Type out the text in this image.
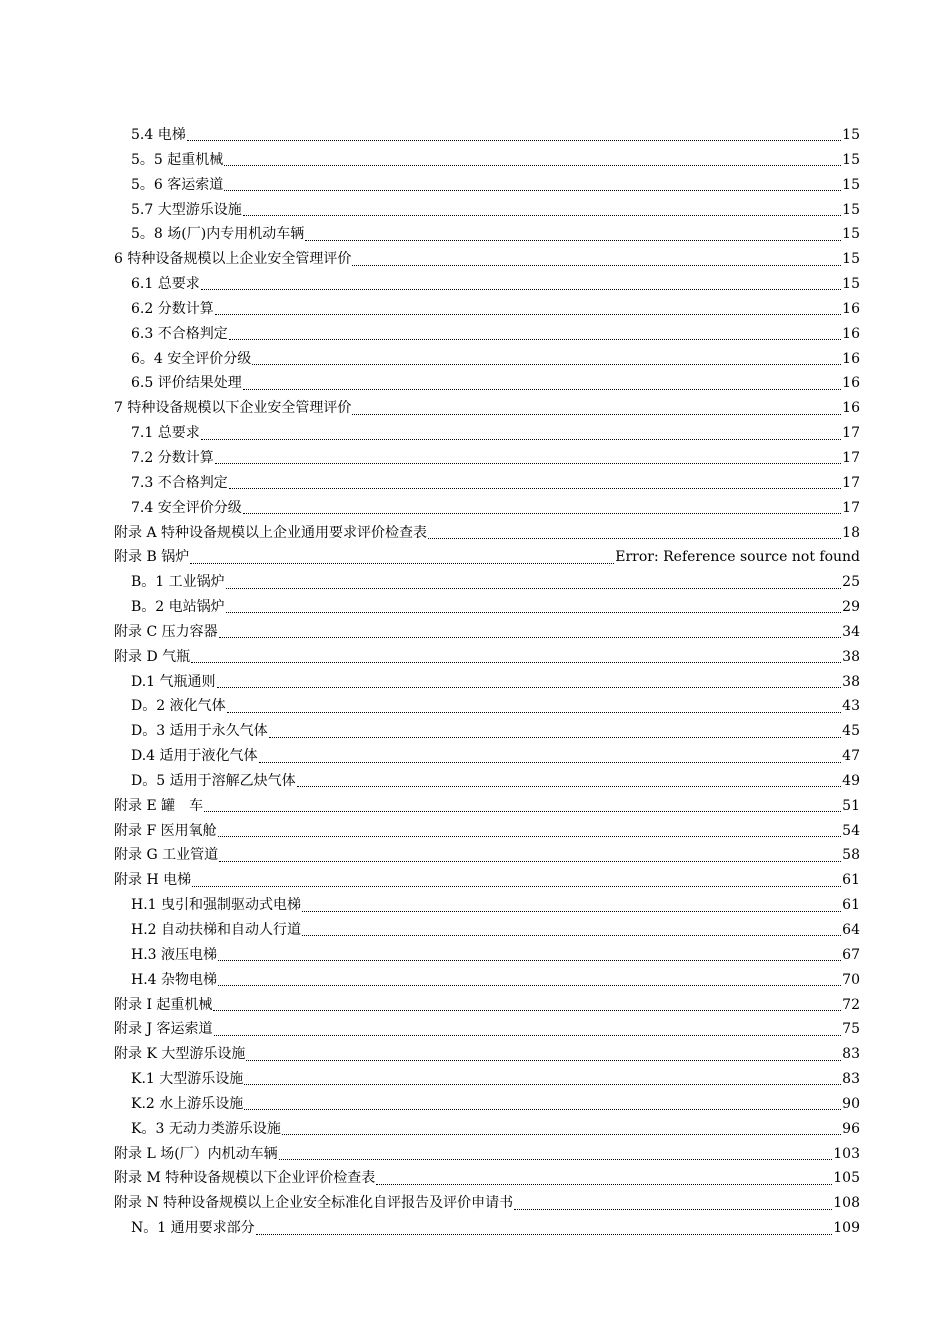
5.4 电梯	15
5。5 起重机械	15
5。6 客运索道	15
5.7 大型游乐设施	15
5。8 场(厂)内专用机动车辆	15
6 特种设备规模以上企业安全管理评价	15
6.1 总要求	15
6.2 分数计算	16
6.3 不合格判定	16
6。4 安全评价分级	16
6.5 评价结果处理	16
7 特种设备规模以下企业安全管理评价	16
7.1 总要求	17
7.2 分数计算	17
7.3 不合格判定	17
7.4 安全评价分级	17
附录 A 特种设备规模以上企业通用要求评价检查表	18
附录 B 锅炉	Error: Reference source not found
B。1 工业锅炉	25
B。2 电站锅炉	29
附录 C 压力容器	34
附录 D 气瓶	38
D.1 气瓶通则	38
D。2 液化气体	43
D。3 适用于永久气体	45
D.4 适用于液化气体	47
D。5 适用于溶解乙炔气体	49
附录 E 罐　车	51
附录 F 医用氧舱	54
附录 G 工业管道	58
附录 H 电梯	61
H.1 曳引和强制驱动式电梯	61
H.2 自动扶梯和自动人行道	64
H.3 液压电梯	67
H.4 杂物电梯	70
附录 I 起重机械	72
附录 J 客运索道	75
附录 K 大型游乐设施	83
K.1 大型游乐设施	83
K.2 水上游乐设施	90
K。3 无动力类游乐设施	96
附录 L 场(厂）内机动车辆	103
附录 M 特种设备规模以下企业评价检查表	105
附录 N 特种设备规模以上企业安全标准化自评报告及评价申请书	108
N。1 通用要求部分	109
